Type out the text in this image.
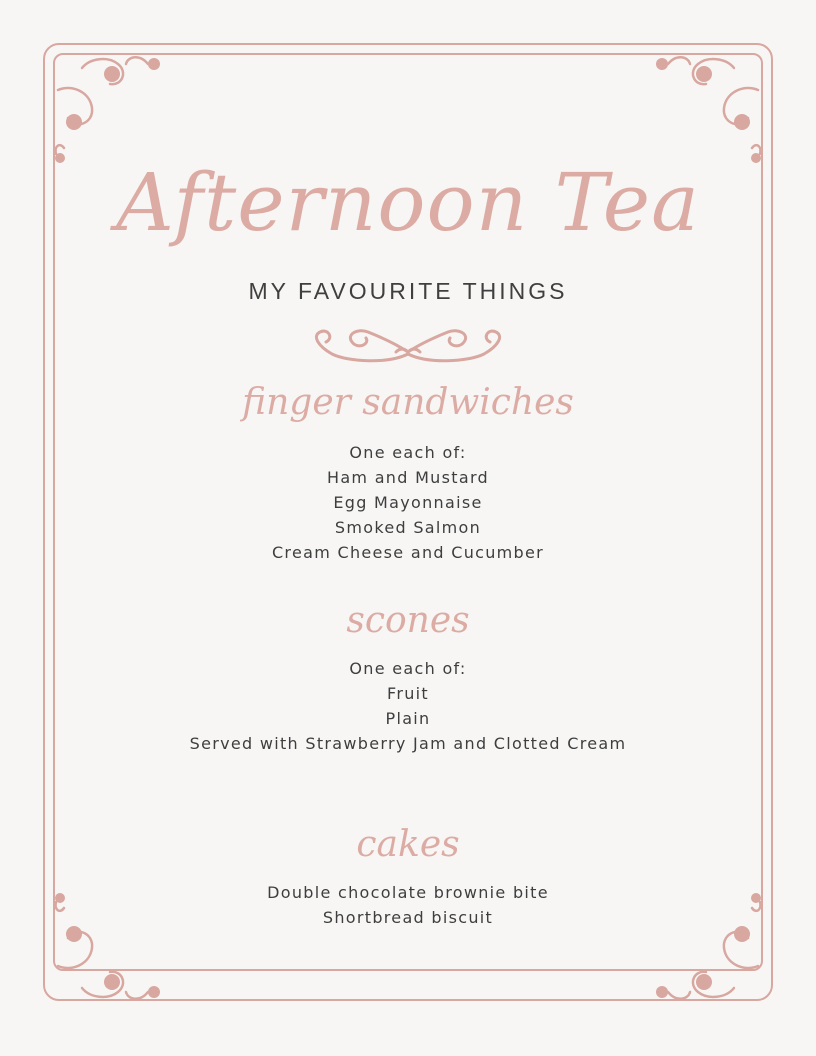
Afternoon Tea
MY FAVOURITE THINGS
finger sandwiches
One each of:
Ham and Mustard
Egg Mayonnaise
Smoked Salmon
Cream Cheese and Cucumber
scones
One each of:
Fruit
Plain
Served with Strawberry Jam and Clotted Cream
cakes
Double chocolate brownie bite
Shortbread biscuit
